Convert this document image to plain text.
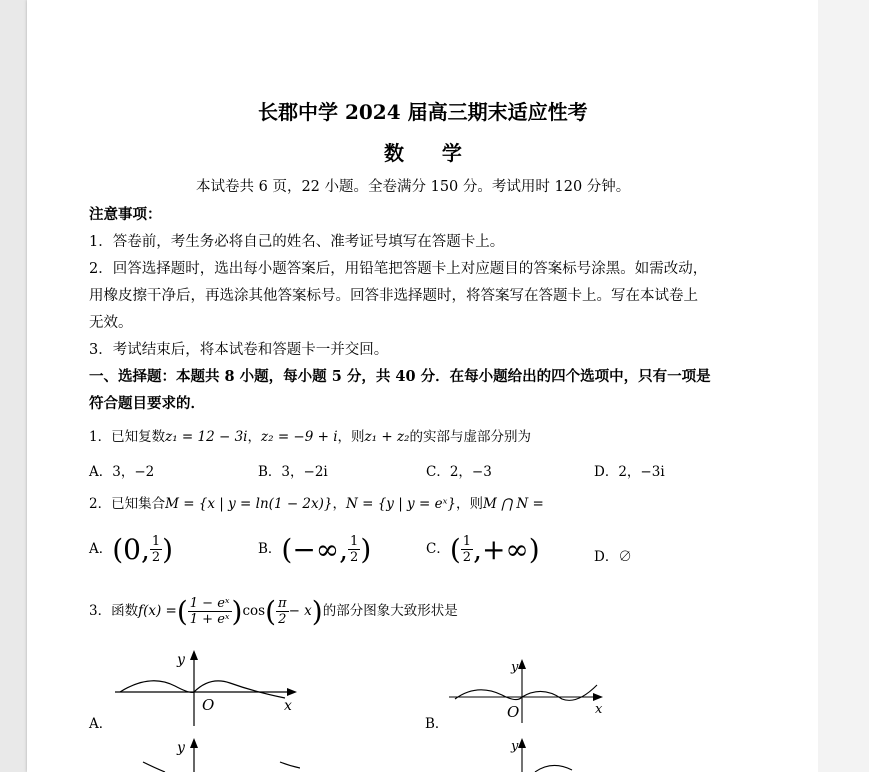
长郡中学 2024 届高三期末适应性考
数    学
本试卷共 6 页，22 小题。全卷满分 150 分。考试用时 120 分钟。
注意事项：
1．答卷前，考生务必将自己的姓名、准考证号填写在答题卡上。
2．回答选择题时，选出每小题答案后，用铅笔把答题卡上对应题目的答案标号涂黑。如需改动，
用橡皮擦干净后，再选涂其他答案标号。回答非选择题时，将答案写在答题卡上。写在本试卷上
无效。
3．考试结束后，将本试卷和答题卡一并交回。
一、选择题：本题共 8 小题，每小题 5 分，共 40 分．在每小题给出的四个选项中，只有一项是
符合题目要求的．
1．已知复数z₁ = 12 − 3i，z₂ = −9 + i，则z₁ + z₂的实部与虚部分别为
A．3，−2	B．3，−2i	C．2，−3	D．2，−3i
2．已知集合M = {x | y = ln(1 − 2x)}，N = {y | y = eˣ}，则M ⋂ N =
A．(0, $\frac{1}{2}$ )	B．(−∞, $\frac{1}{2}$ )	C．( $\frac{1}{2}$ ,+∞)	D．∅
3．函数f(x) =( $\frac{\text{1 − eˣ}}{\text{1 + eˣ}} )\cos( \frac{\pi}{2} - x)$的部分图象大致形状是
A．	B．
y
O	x
y
O	x
y	y
